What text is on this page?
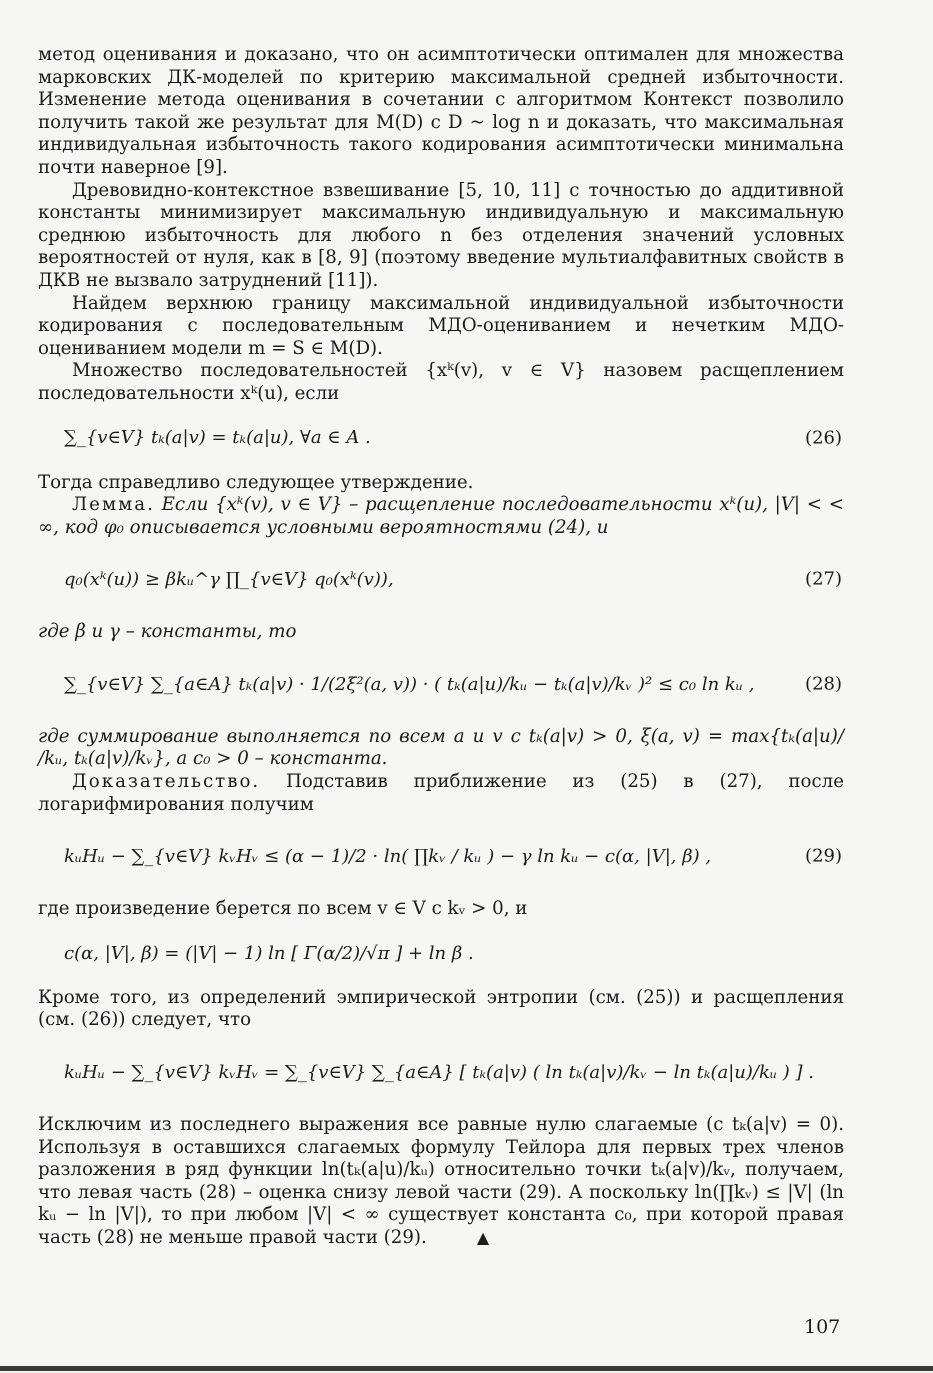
метод оценивания и доказано, что он асимптотически оптимален для множества марковских ДК-моделей по критерию максимальной средней избыточности. Изменение метода оценивания в сочетании с алгоритмом Контекст позволило получить такой же результат для M(D) с D ~ log n и доказать, что максимальная индивидуальная избыточность такого кодирования асимптотически минимальна почти наверное [9].

Древовидно-контекстное взвешивание [5, 10, 11] с точностью до аддитивной константы минимизирует максимальную индивидуальную и максимальную среднюю избыточность для любого n без отделения значений условных вероятностей от нуля, как в [8, 9] (поэтому введение мультиалфавитных свойств в ДКВ не вызвало затруднений [11]).

Найдем верхнюю границу максимальной индивидуальной избыточности кодирования с последовательным МДО-оцениванием и нечетким МДО-оцениванием модели m = S ∈ M(D).

Множество последовательностей {xᵏ(v), v ∈ V} назовем расщеплением последовательности xᵏ(u), если

∑_{v∈V} tₖ(a|v) = tₖ(a|u), ∀a ∈ A .	(26)

Тогда справедливо следующее утверждение.

Лемма. Если {xᵏ(v), v ∈ V} – расщепление последовательности xᵏ(u), |V| < < ∞, код φ₀ описывается условными вероятностями (24), и

q₀(xᵏ(u)) ≥ βkᵤ^γ ∏_{v∈V} q₀(xᵏ(v)),	(27)

где β и γ – константы, то

∑_{v∈V} ∑_{a∈A} tₖ(a|v) · 1/(2ξ²(a, v)) · ( tₖ(a|u)/kᵤ − tₖ(a|v)/kᵥ )² ≤ c₀ ln kᵤ ,	(28)

где суммирование выполняется по всем a и v с tₖ(a|v) > 0, ξ(a, v) = max{tₖ(a|u)/ /kᵤ, tₖ(a|v)/kᵥ}, а c₀ > 0 – константа.

Доказательство. Подставив приближение из (25) в (27), после логарифмирования получим

kᵤHᵤ − ∑_{v∈V} kᵥHᵥ ≤ (α − 1)/2 · ln( ∏kᵥ / kᵤ ) − γ ln kᵤ − c(α, |V|, β) ,	(29)

где произведение берется по всем v ∈ V с kᵥ > 0, и

c(α, |V|, β) = (|V| − 1) ln [ Γ(α/2)/√π ] + ln β .

Кроме того, из определений эмпирической энтропии (см. (25)) и расщепления (см. (26)) следует, что

kᵤHᵤ − ∑_{v∈V} kᵥHᵥ = ∑_{v∈V} ∑_{a∈A} [ tₖ(a|v) ( ln tₖ(a|v)/kᵥ − ln tₖ(a|u)/kᵤ ) ] .

Исключим из последнего выражения все равные нулю слагаемые (с tₖ(a|v) = 0). Используя в оставшихся слагаемых формулу Тейлора для первых трех членов разложения в ряд функции ln(tₖ(a|u)/kᵤ) относительно точки tₖ(a|v)/kᵥ, получаем, что левая часть (28) – оценка снизу левой части (29). А поскольку ln(∏kᵥ) ≤ |V| (ln kᵤ − ln |V|), то при любом |V| < ∞ существует константа c₀, при которой правая часть (28) не меньше правой части (29).	▲

107
